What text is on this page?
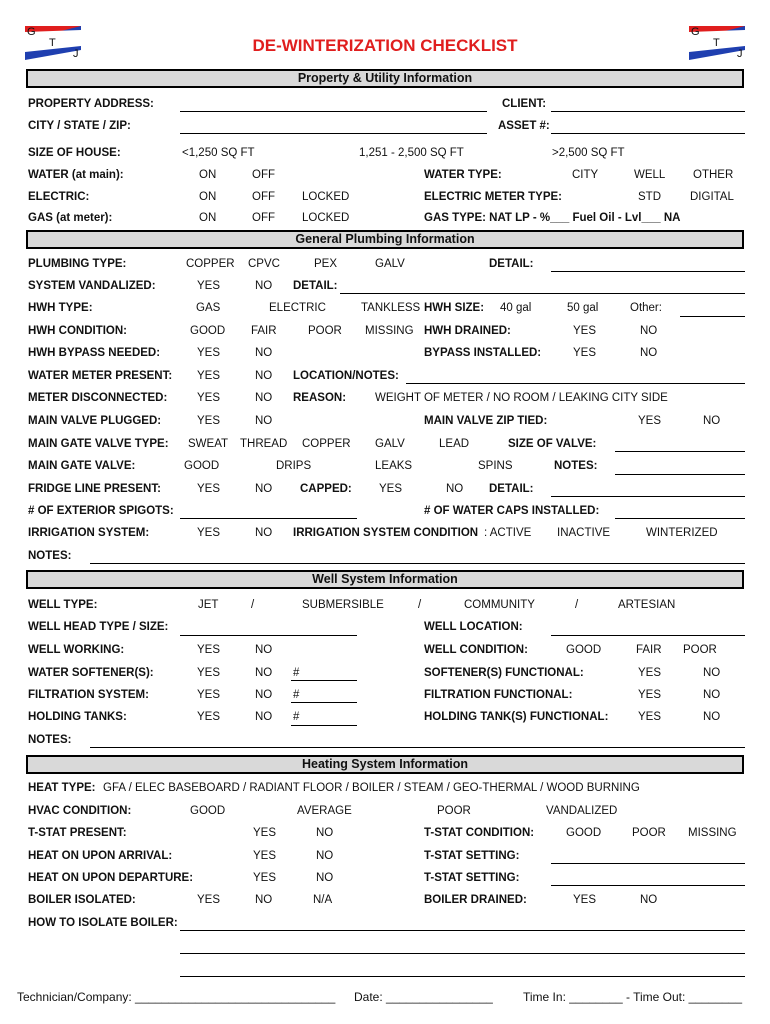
G
T
J
G
T
J
DE-WINTERIZATION CHECKLIST
Property & Utility Information
PROPERTY ADDRESS:	CLIENT:
CITY / STATE / ZIP:	ASSET #:
SIZE OF HOUSE:	<1,250 SQ FT	1,251 - 2,500 SQ FT	>2,500 SQ FT
WATER (at main):	ON	OFF	WATER TYPE:	CITY	WELL OTHER
ELECTRIC:	ON	OFF LOCKED	ELECTRIC METER TYPE:	STD	DIGITAL
GAS (at meter):	ON	OFF LOCKED	GAS TYPE: NAT LP - %___ Fuel Oil - Lvl___ NA
General Plumbing Information
PLUMBING TYPE:	COPPER CPVC	PEX	GALV	DETAIL:
SYSTEM VANDALIZED:	YES	NO DETAIL:
HWH TYPE:	GAS	ELECTRIC	TANKLESS HWH SIZE: 40 gal	50 gal	Other:
HWH CONDITION:	GOOD FAIR	POOR MISSING HWH DRAINED:	YES	NO
HWH BYPASS NEEDED:	YES	NO	BYPASS INSTALLED:	YES	NO
WATER METER PRESENT: YES	NO LOCATION/NOTES:
METER DISCONNECTED:	YES	NO REASON:	WEIGHT OF METER / NO ROOM / LEAKING CITY SIDE
MAIN VALVE PLUGGED:	YES	NO	MAIN VALVE ZIP TIED:	YES	NO
MAIN GATE VALVE TYPE: SWEAT THREAD COPPER GALV	LEAD	SIZE OF VALVE:
MAIN GATE VALVE:	GOOD	DRIPS	LEAKS	SPINS	NOTES:
FRIDGE LINE PRESENT:	YES	NO CAPPED: YES	NO DETAIL:
# OF EXTERIOR SPIGOTS:	# OF WATER CAPS INSTALLED:
IRRIGATION SYSTEM:	YES	NO IRRIGATION SYSTEM CONDITION : ACTIVE INACTIVE	WINTERIZED
NOTES:
Well System Information
WELL TYPE:	JET	/	SUBMERSIBLE	/	COMMUNITY	/	ARTESIAN
WELL HEAD TYPE / SIZE:	WELL LOCATION:
WELL WORKING:	YES	NO	WELL CONDITION:	GOOD	FAIR POOR
WATER SOFTENER(S):	YES	NO #	SOFTENER(S) FUNCTIONAL:	YES	NO
FILTRATION SYSTEM:	YES	NO #	FILTRATION FUNCTIONAL:	YES	NO
HOLDING TANKS:	YES	NO #	HOLDING TANK(S) FUNCTIONAL:	YES	NO
NOTES:
Heating System Information
HEAT TYPE: GFA / ELEC BASEBOARD / RADIANT FLOOR / BOILER / STEAM / GEO-THERMAL / WOOD BURNING
HVAC CONDITION:	GOOD	AVERAGE	POOR	VANDALIZED
T-STAT PRESENT:	YES	NO	T-STAT CONDITION:	GOOD	POOR MISSING
HEAT ON UPON ARRIVAL:	YES	NO	T-STAT SETTING:
HEAT ON UPON DEPARTURE:	YES	NO	T-STAT SETTING:
BOILER ISOLATED:	YES	NO	N/A	BOILER DRAINED:	YES	NO
HOW TO ISOLATE BOILER:
Technician/Company: ______________________________ Date: ________________	Time In: ________ - Time Out: ________
